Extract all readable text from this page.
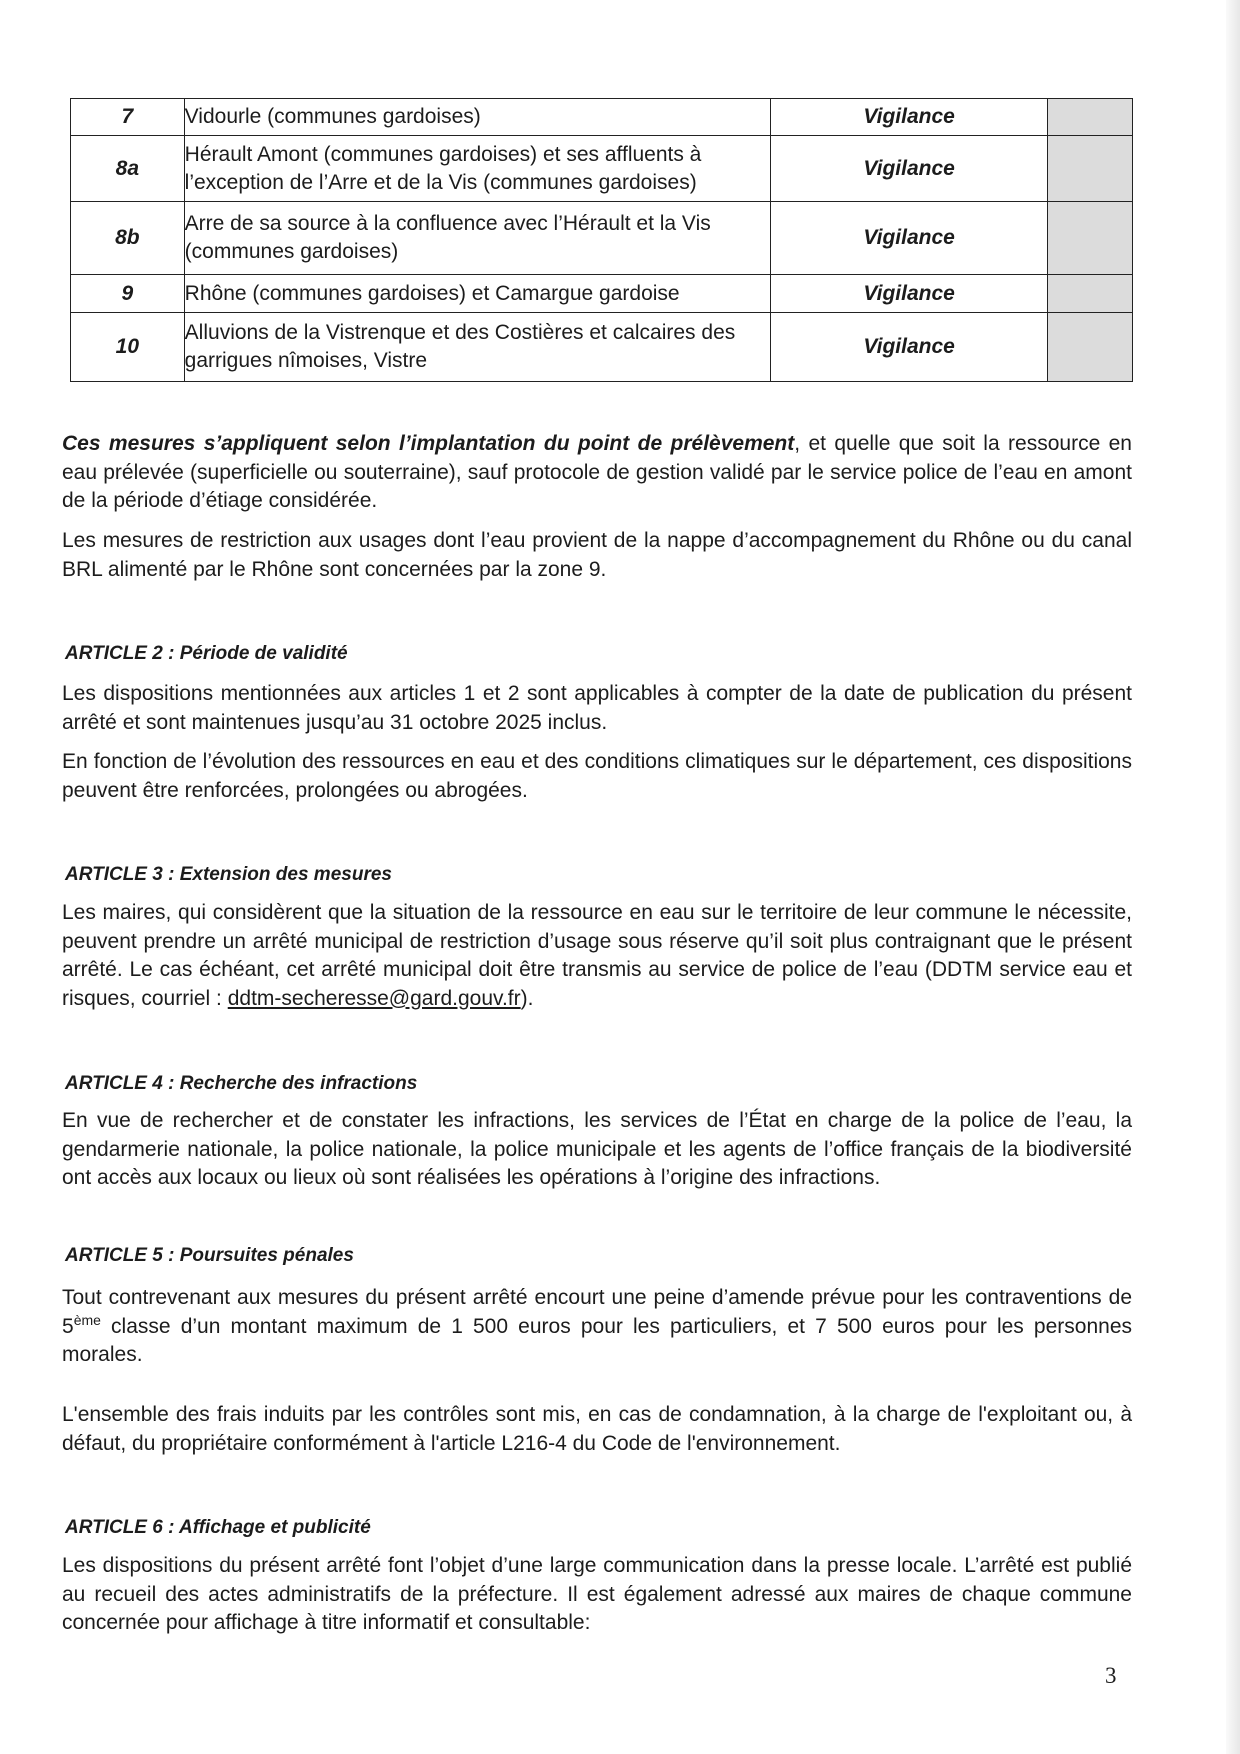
7	Vidourle (communes gardoises)	Vigilance	
8a	Hérault Amont (communes gardoises) et ses affluents à l’exception de l’Arre et de la Vis (communes gardoises)	Vigilance	
8b	Arre de sa source à la confluence avec l’Hérault et la Vis (communes gardoises)	Vigilance	
9	Rhône (communes gardoises) et Camargue gardoise	Vigilance	
10	Alluvions de la Vistrenque et des Costières et calcaires des garrigues nîmoises, Vistre	Vigilance	
Ces mesures s’appliquent selon l’implantation du point de prélèvement, et quelle que soit la ressource en eau prélevée (superficielle ou souterraine), sauf protocole de gestion validé par le service police de l’eau en amont de la période d’étiage considérée.
Les mesures de restriction aux usages dont l’eau provient de la nappe d’accompagnement du Rhône ou du canal BRL alimenté par le Rhône sont concernées par la zone 9.
ARTICLE 2 : Période de validité
Les dispositions mentionnées aux articles 1 et 2 sont applicables à compter de la date de publication du présent arrêté et sont maintenues jusqu’au 31 octobre 2025 inclus.
En fonction de l’évolution des ressources en eau et des conditions climatiques sur le département, ces dispositions peuvent être renforcées, prolongées ou abrogées.
ARTICLE 3 : Extension des mesures
Les maires, qui considèrent que la situation de la ressource en eau sur le territoire de leur commune le nécessite, peuvent prendre un arrêté municipal de restriction d’usage sous réserve qu’il soit plus contraignant que le présent arrêté. Le cas échéant, cet arrêté municipal doit être transmis au service de police de l’eau (DDTM service eau et risques, courriel : ddtm-secheresse@gard.gouv.fr).
ARTICLE 4 : Recherche des infractions
En vue de rechercher et de constater les infractions, les services de l’État en charge de la police de l’eau, la gendarmerie nationale, la police nationale, la police municipale et les agents de l’office français de la biodiversité ont accès aux locaux ou lieux où sont réalisées les opérations à l’origine des infractions.
ARTICLE 5 : Poursuites pénales
Tout contrevenant aux mesures du présent arrêté encourt une peine d’amende prévue pour les contraventions de 5ème classe d’un montant maximum de 1 500 euros pour les particuliers, et 7 500 euros pour les personnes morales.
L'ensemble des frais induits par les contrôles sont mis, en cas de condamnation, à la charge de l'exploitant ou, à défaut, du propriétaire conformément à l'article L216-4 du Code de l'environnement.
ARTICLE 6 : Affichage et publicité
Les dispositions du présent arrêté font l’objet d’une large communication dans la presse locale. L’arrêté est publié au recueil des actes administratifs de la préfecture. Il est également adressé aux maires de chaque commune concernée pour affichage à titre informatif et consultable:
3
